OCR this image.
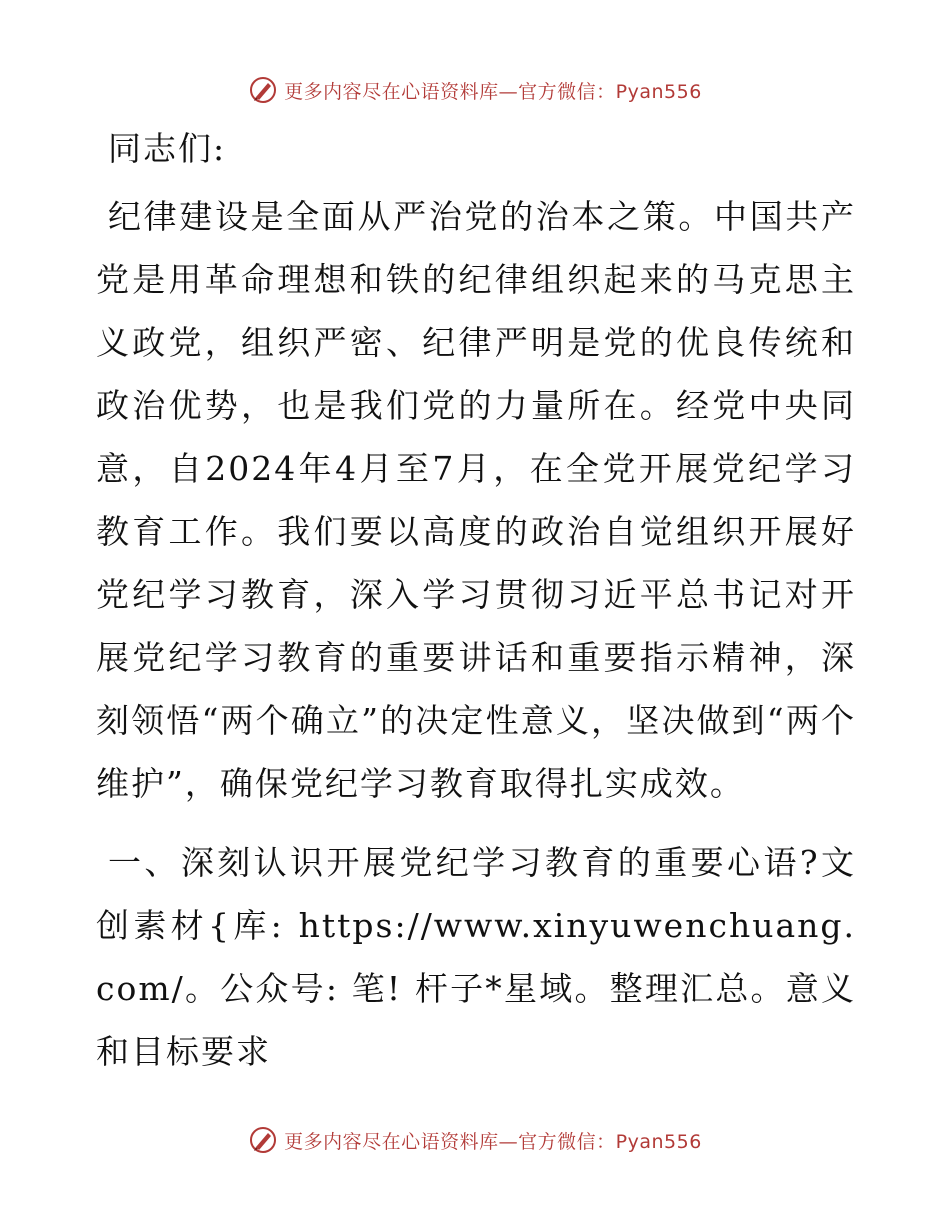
更多内容尽在心语资料库—官方微信：Pyan556

同志们:

纪律建设是全面从严治党的治本之策。中国共产党是用革命理想和铁的纪律组织起来的马克思主义政党，组织严密、纪律严明是党的优良传统和政治优势，也是我们党的力量所在。经党中央同意，自2024年4月至7月，在全党开展党纪学习教育工作。我们要以高度的政治自觉组织开展好党纪学习教育，深入学习贯彻习近平总书记对开展党纪学习教育的重要讲话和重要指示精神，深刻领悟“两个确立”的决定性意义，坚决做到“两个维护”，确保党纪学习教育取得扎实成效。

一、深刻认识开展党纪学习教育的重要心语?文创素材{库: https://www.xinyuwenchuang.com/。公众号: 笔! 杆子*星域。整理汇总。意义和目标要求

更多内容尽在心语资料库—官方微信：Pyan556
